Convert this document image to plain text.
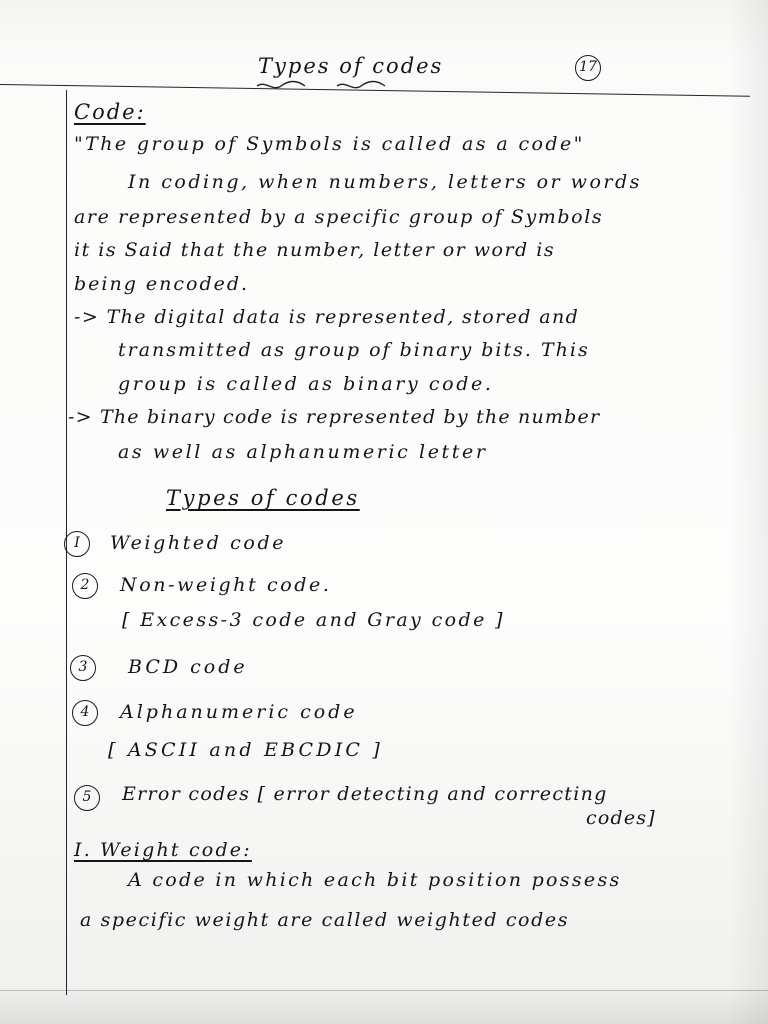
Types of codes	17
Code:
"The group of Symbols is called as a code"
In coding, when numbers, letters or words
are represented by a specific group of Symbols
it is Said that the number, letter or word is
being encoded.
-> The digital data is represented, stored and
transmitted as group of binary bits. This
group is called as binary code.
-> The binary code is represented by the number
as well as alphanumeric letter
Types of codes
I	Weighted code
2	Non-weight code.
[ Excess-3 code and Gray code ]
3	BCD code
4	Alphanumeric code
[ ASCII and EBCDIC ]
5	Error codes [ error detecting and correcting
codes]
I. Weight code:
A code in which each bit position possess
a specific weight are called weighted codes
